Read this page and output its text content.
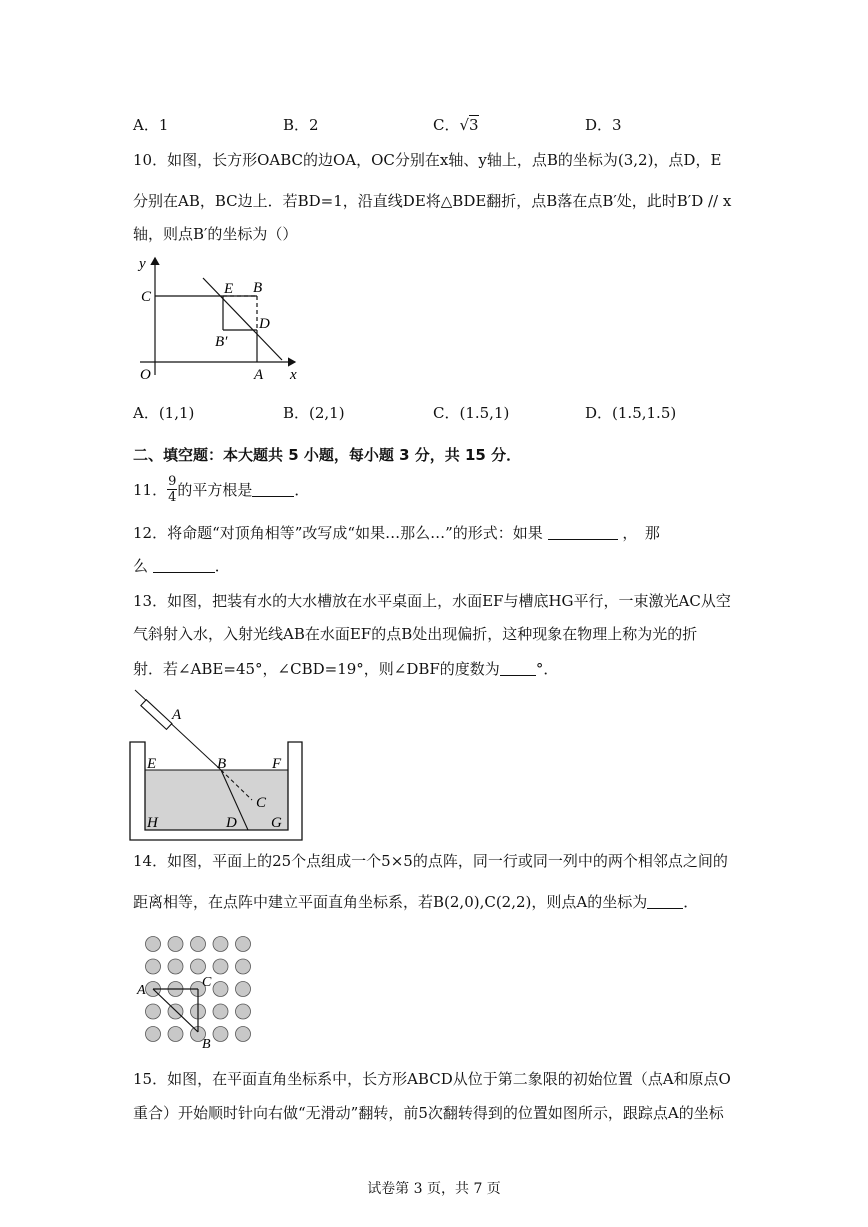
A．1	B．2	C．√3	D．3
10．如图，长方形OABC的边OA，OC分别在x轴、y轴上，点B的坐标为(3,2)，点D，E
分别在AB，BC边上．若BD=1，沿直线DE将△BDE翻折，点B落在点B′处，此时B′D // x
轴，则点B′的坐标为（）
y
C	E B
D
B′
O	A x
A．(1,1)	B．(2,1)	C．(1.5,1)	D．(1.5,1.5)
二、填空题：本大题共 5 小题，每小题 3 分，共 15 分．
11． $\frac{9}{4}$ 的平方根是	．
12．将命题“对顶角相等”改写成“如果…那么…”的形式：如果	，　那
么	．
13．如图，把装有水的大水槽放在水平桌面上，水面EF与槽底HG平行，一束激光AC从空
气斜射入水，入射光线AB在水面EF的点B处出现偏折，这种现象在物理上称为光的折
射．若∠ABE=45°，∠CBD=19°，则∠DBF的度数为 °．
A
E	B	F
C
H	D G
14．如图，平面上的25个点组成一个5×5的点阵，同一行或同一列中的两个相邻点之间的
距离相等，在点阵中建立平面直角坐标系，若B(2,0),C(2,2)，则点A的坐标为 ．
A
C
B
15．如图，在平面直角坐标系中，长方形ABCD从位于第二象限的初始位置（点A和原点O
重合）开始顺时针向右做“无滑动”翻转，前5次翻转得到的位置如图所示，跟踪点A的坐标
试卷第 3 页，共 7 页
